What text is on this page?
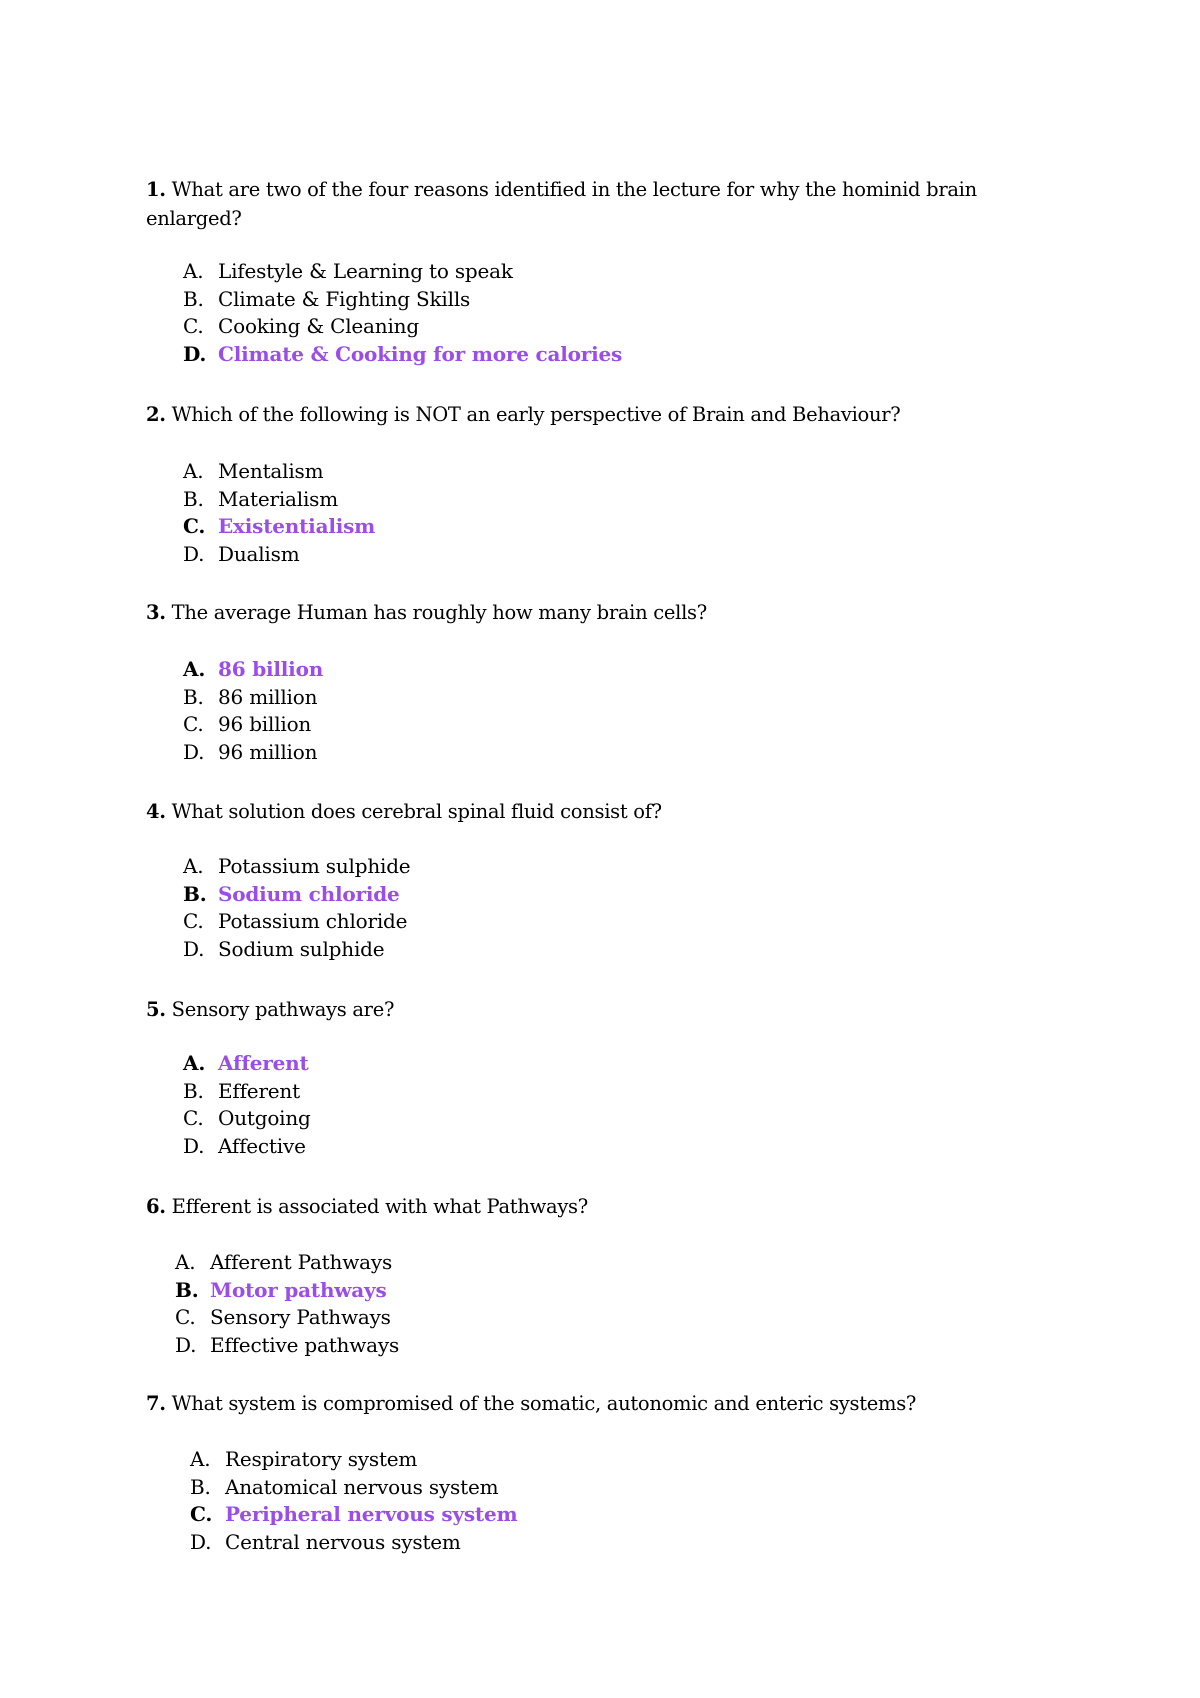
1. What are two of the four reasons identified in the lecture for why the hominid brain enlarged?
A. Lifestyle & Learning to speak
B. Climate & Fighting Skills
C. Cooking & Cleaning
D. Climate & Cooking for more calories
2. Which of the following is NOT an early perspective of Brain and Behaviour?
A. Mentalism
B. Materialism
C. Existentialism
D. Dualism
3. The average Human has roughly how many brain cells?
A. 86 billion
B. 86 million
C. 96 billion
D. 96 million
4. What solution does cerebral spinal fluid consist of?
A. Potassium sulphide
B. Sodium chloride
C. Potassium chloride
D. Sodium sulphide
5. Sensory pathways are?
A. Afferent
B. Efferent
C. Outgoing
D. Affective
6. Efferent is associated with what Pathways?
A. Afferent Pathways
B. Motor pathways
C. Sensory Pathways
D. Effective pathways
7. What system is compromised of the somatic, autonomic and enteric systems?
A. Respiratory system
B. Anatomical nervous system
C. Peripheral nervous system
D. Central nervous system
